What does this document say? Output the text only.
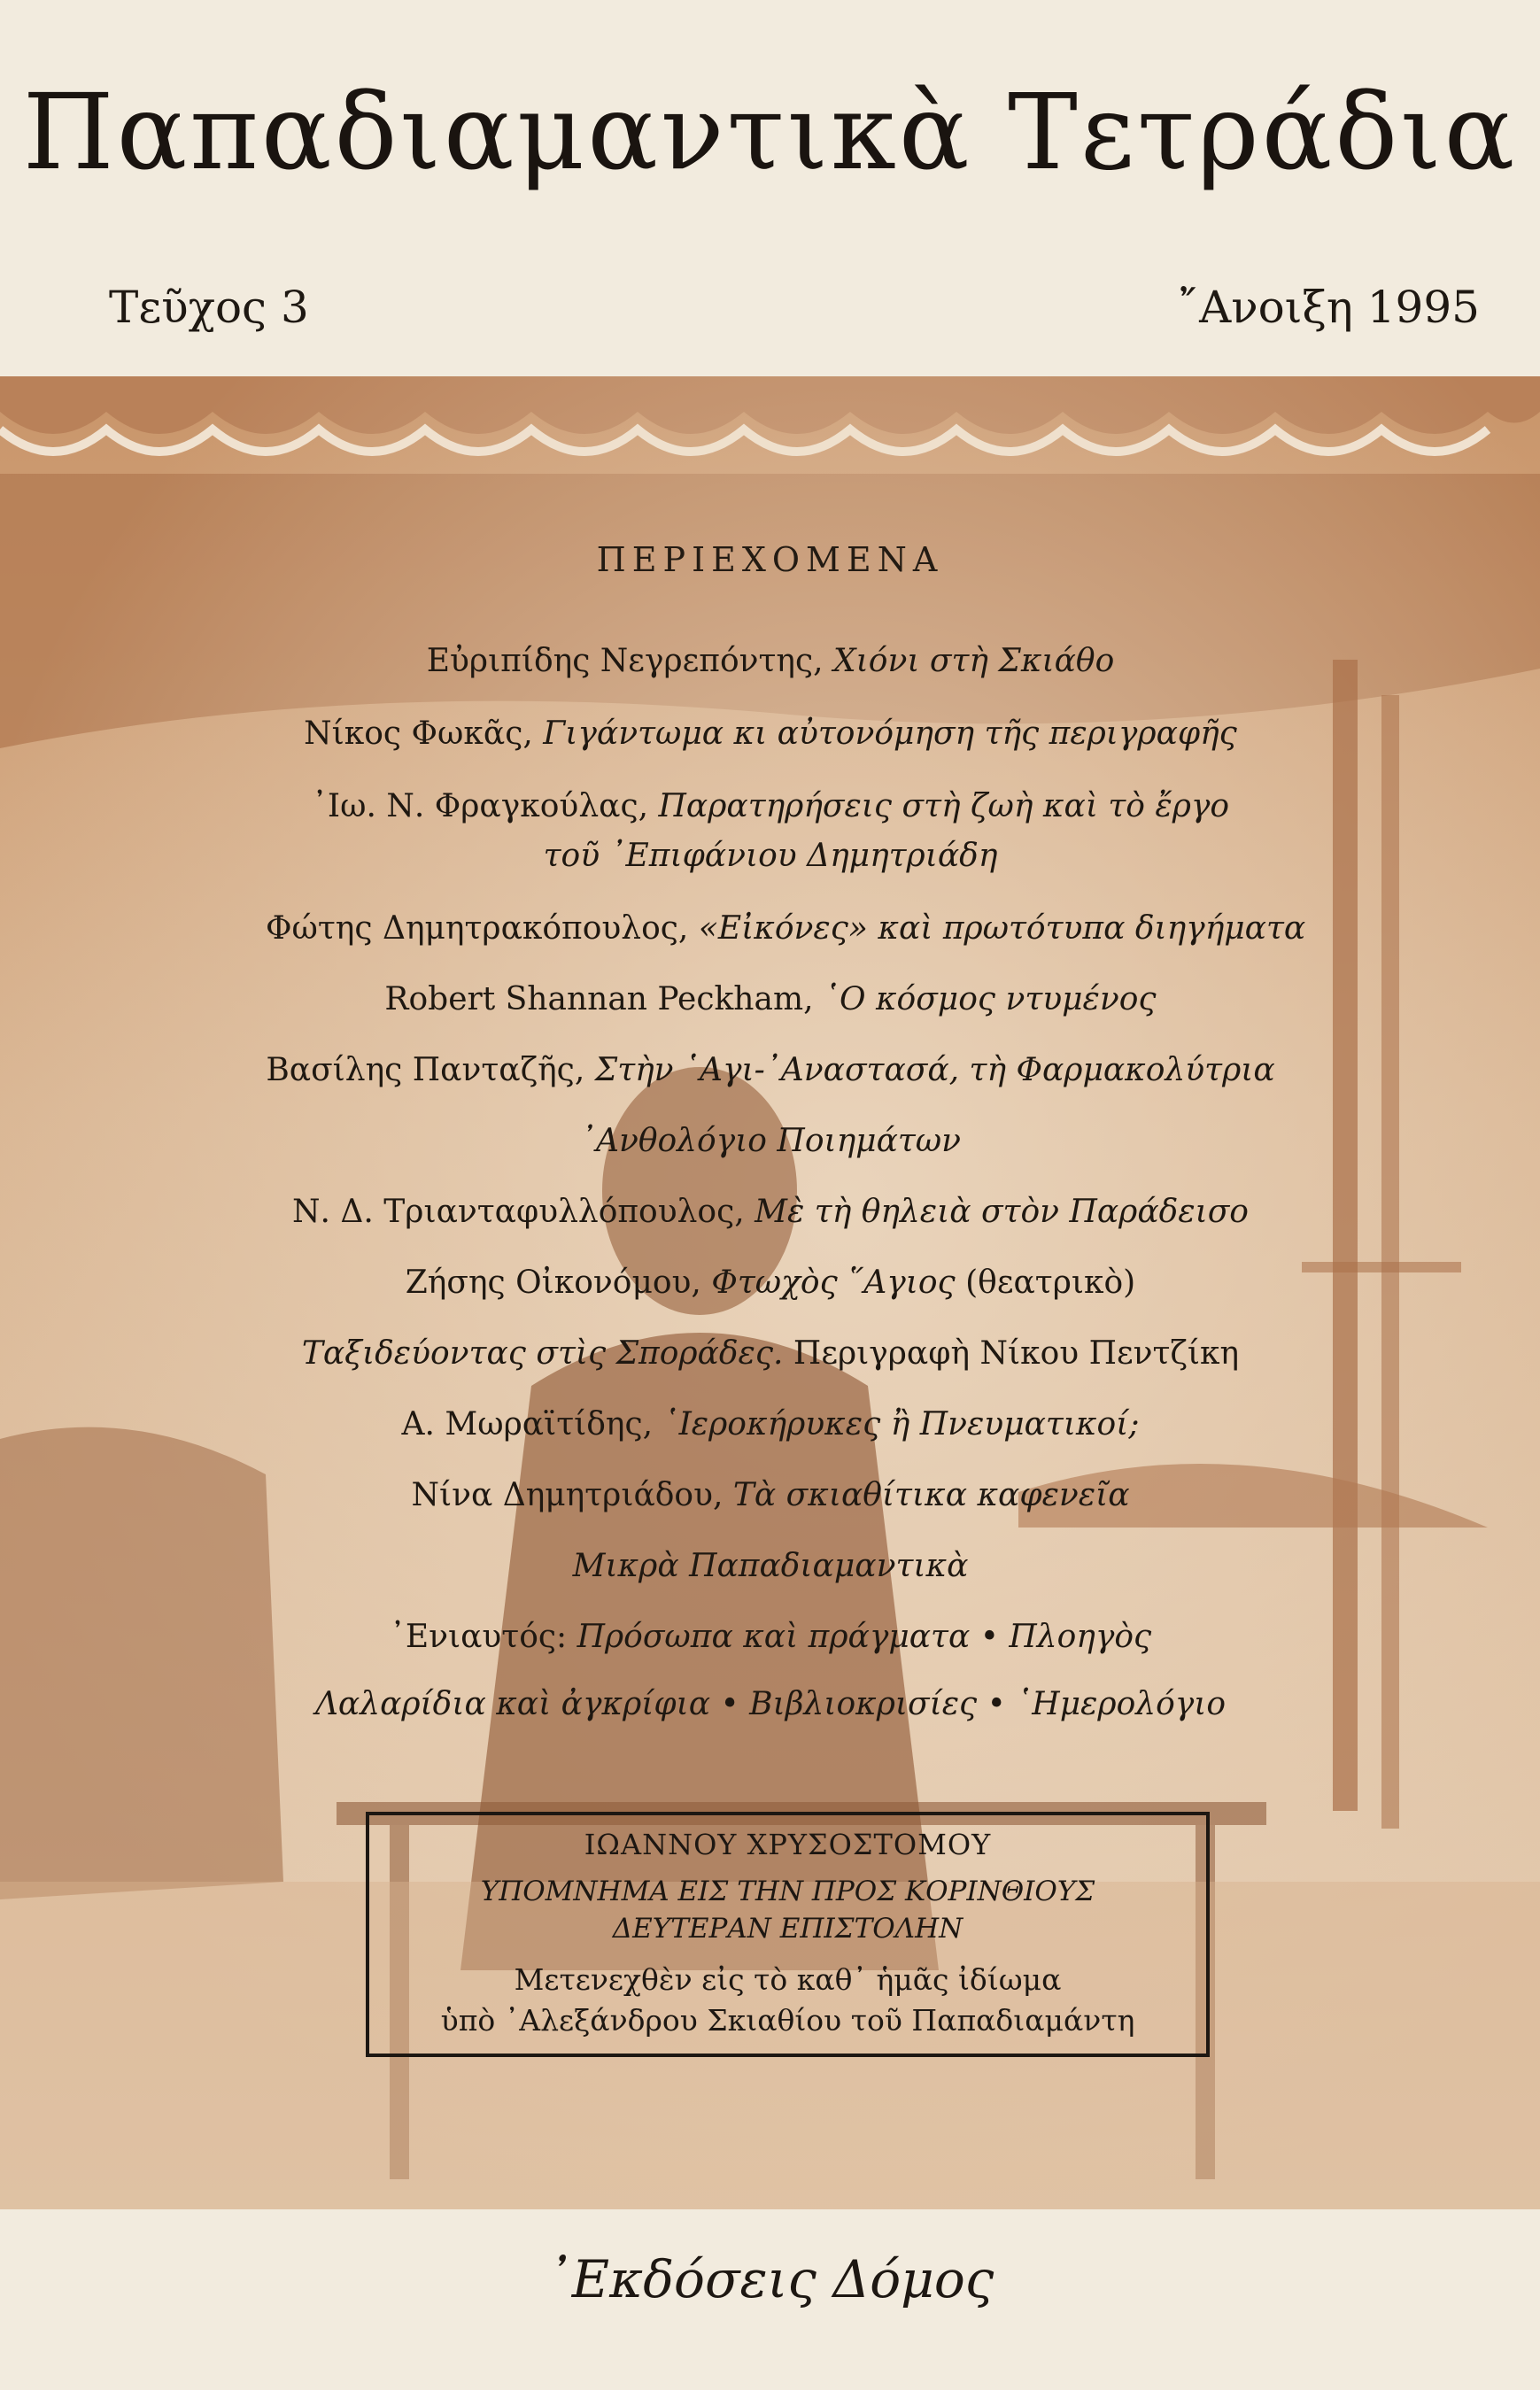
Παπαδιαμαντικὰ Τετράδια
Τεῦχος 3	῎Ανοιξη 1995
ΠΕΡΙΕΧΟΜΕΝΑ
Εὐριπίδης Νεγρεπόντης, Χιόνι στὴ Σκιάθο
Νίκος Φωκᾶς, Γιγάντωμα κι αὐτονόμηση τῆς περιγραφῆς
᾿Ιω. Ν. Φραγκούλας, Παρατηρήσεις στὴ ζωὴ καὶ τὸ ἔργο
τοῦ ᾿Επιφάνιου Δημητριάδη
Φώτης Δημητρακόπουλος, «Εἰκόνες» καὶ πρωτότυπα διηγήματα
Robert Shannan Peckham, ῾Ο κόσμος ντυμένος
Βασίλης Πανταζῆς, Στὴν ῾Αγι-᾿Αναστασά, τὴ Φαρμακολύτρια
᾿Ανθολόγιο Ποιημάτων
Ν. Δ. Τριανταφυλλόπουλος, Μὲ τὴ θηλειὰ στὸν Παράδεισο
Ζήσης Οἰκονόμου, Φτωχὸς ῞Αγιος (θεατρικὸ)
Ταξιδεύοντας στὶς Σποράδες. Περιγραφὴ Νίκου Πεντζίκη
Α. Μωραϊτίδης, ῾Ιεροκήρυκες ἢ Πνευματικοί;
Νίνα Δημητριάδου, Τὰ σκιαθίτικα καφενεῖα
Μικρὰ Παπαδιαμαντικὰ
᾿Ενιαυτός: Πρόσωπα καὶ πράγματα • Πλοηγὸς
Λαλαρίδια καὶ ἀγκρίφια • Βιβλιοκρισίες • ῾Ημερολόγιο
ΙΩΑΝΝΟΥ ΧΡΥΣΟΣΤΟΜΟΥ
ΥΠΟΜΝΗΜΑ ΕΙΣ ΤΗΝ ΠΡΟΣ ΚΟΡΙΝΘΙΟΥΣ
ΔΕΥΤΕΡΑΝ ΕΠΙΣΤΟΛΗΝ
Μετενεχθὲν εἰς τὸ καθ᾿ ἡμᾶς ἰδίωμα
ὑπὸ ᾿Αλεξάνδρου Σκιαθίου τοῦ Παπαδιαμάντη
᾿Εκδόσεις Δόμος
